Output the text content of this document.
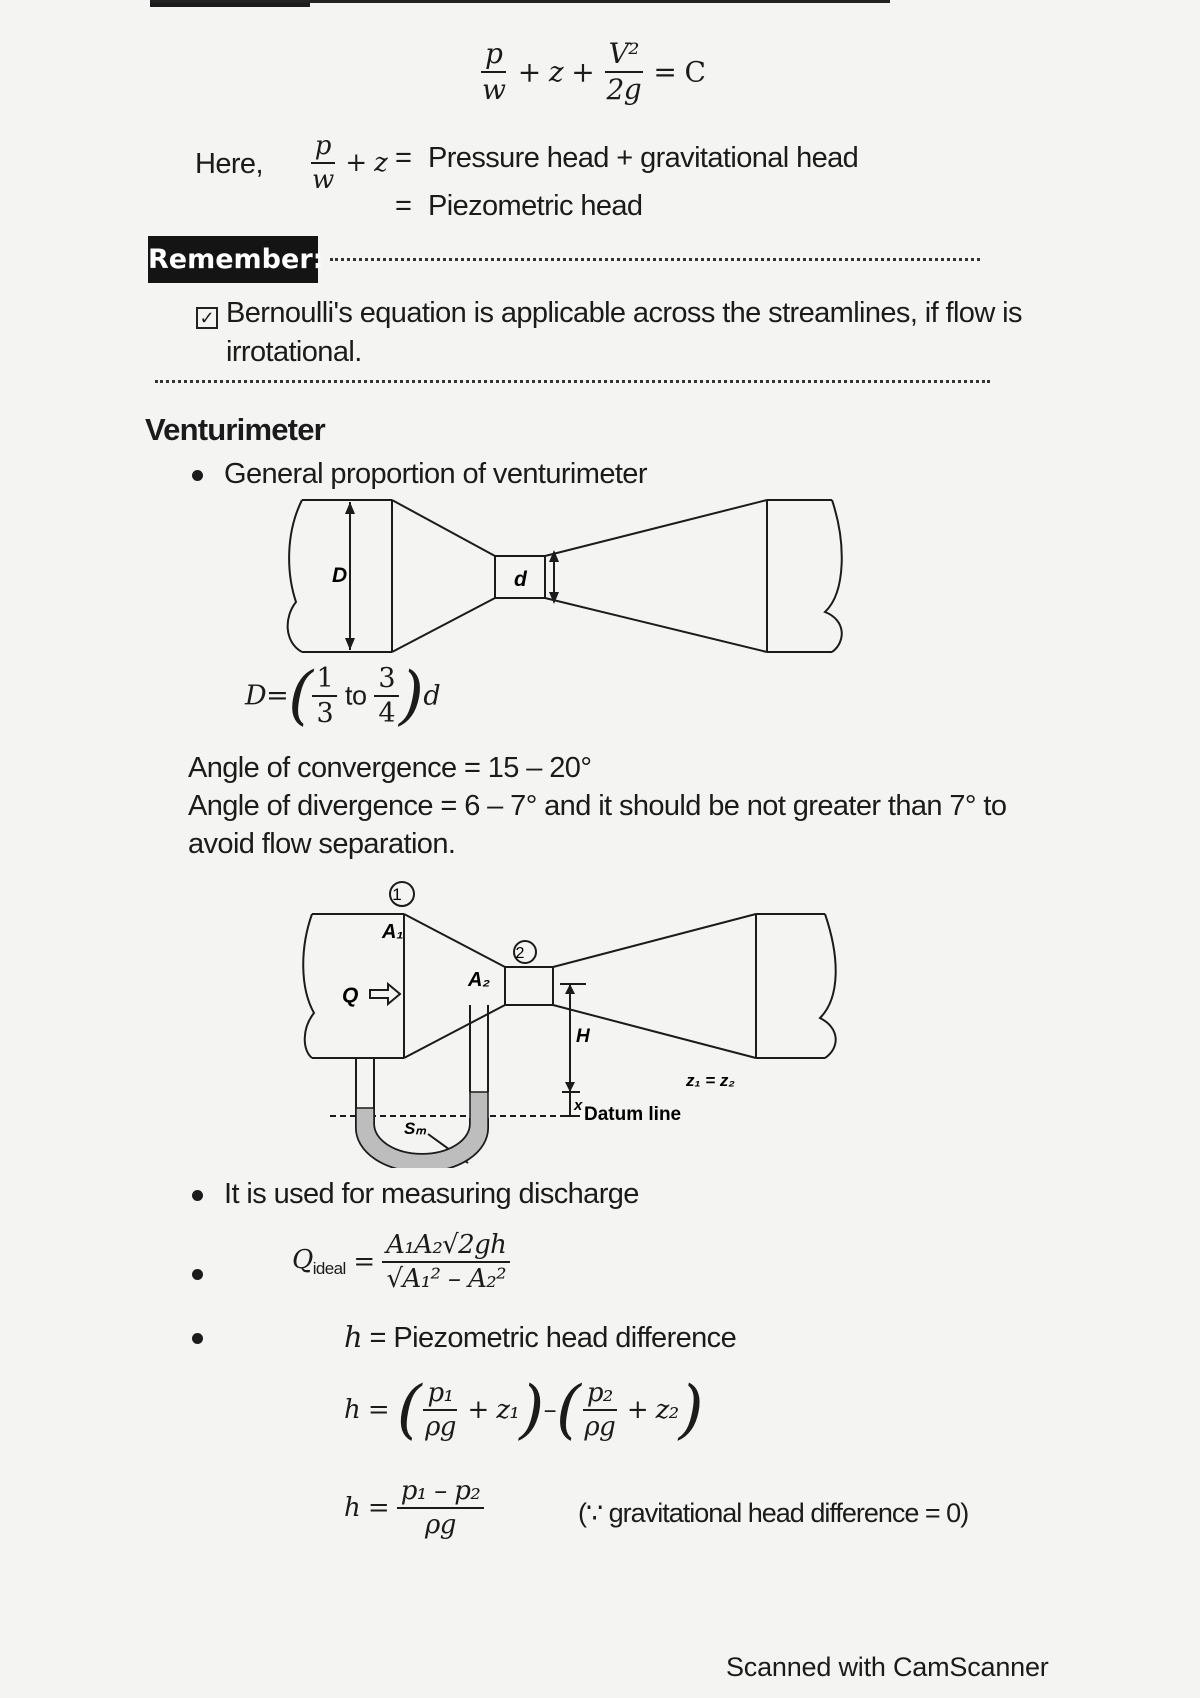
$\frac{p}{w} + z + \frac{\text{V²}}{2g} = C$
Here, $\frac{p}{w} + z$ = Pressure head + gravitational head
= Piezometric head
Remember:
✓ Bernoulli's equation is applicable across the streamlines, if flow is
irrotational.
Venturimeter
General proportion of venturimeter
D	d
$D=( \frac{1}{3}$ to $\frac{3}{4} )d$
Angle of convergence = 15 – 20°
Angle of divergence = 6 – 7° and it should be not greater than 7° to
avoid flow separation.
1
2
A₁
A₂
Q
H
x
z₁ = z₂
Datum line
Sₘ
It is used for measuring discharge
$Q_{ideal} = \frac{\text{A₁A₂√2gh}}{\text{√A₁² – A₂²}}$
h = Piezometric head difference
h = ( $\frac{\text{p₁}}{\rho g} + z_1)-( \frac{\text{p₂}}{\rho g} + z_2)$
$h = \frac{\text{p₁ – p₂}}{\rho g}$	(∵ gravitational head difference = 0)
Scanned with CamScanner
